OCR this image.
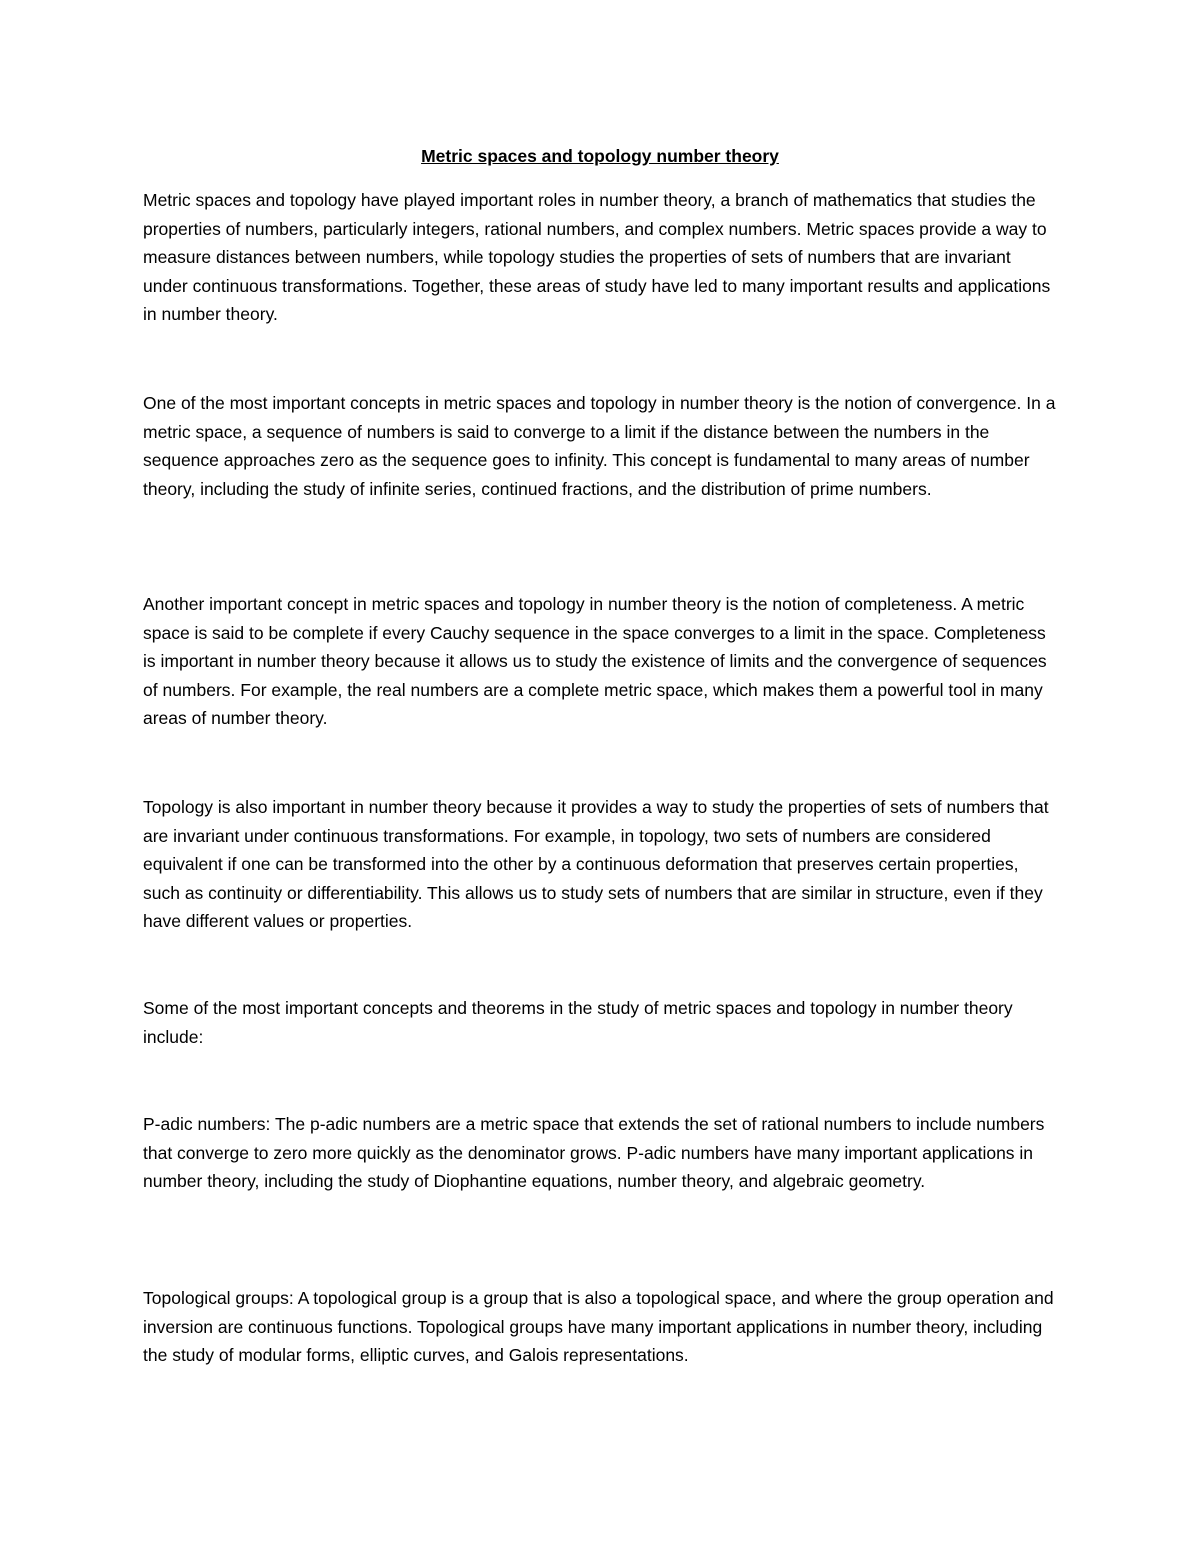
Metric spaces and topology number theory

Metric spaces and topology have played important roles in number theory, a branch of mathematics that studies the properties of numbers, particularly integers, rational numbers, and complex numbers. Metric spaces provide a way to measure distances between numbers, while topology studies the properties of sets of numbers that are invariant under continuous transformations. Together, these areas of study have led to many important results and applications in number theory.

One of the most important concepts in metric spaces and topology in number theory is the notion of convergence. In a metric space, a sequence of numbers is said to converge to a limit if the distance between the numbers in the sequence approaches zero as the sequence goes to infinity. This concept is fundamental to many areas of number theory, including the study of infinite series, continued fractions, and the distribution of prime numbers.

Another important concept in metric spaces and topology in number theory is the notion of completeness. A metric space is said to be complete if every Cauchy sequence in the space converges to a limit in the space. Completeness is important in number theory because it allows us to study the existence of limits and the convergence of sequences of numbers. For example, the real numbers are a complete metric space, which makes them a powerful tool in many areas of number theory.

Topology is also important in number theory because it provides a way to study the properties of sets of numbers that are invariant under continuous transformations. For example, in topology, two sets of numbers are considered equivalent if one can be transformed into the other by a continuous deformation that preserves certain properties, such as continuity or differentiability. This allows us to study sets of numbers that are similar in structure, even if they have different values or properties.

Some of the most important concepts and theorems in the study of metric spaces and topology in number theory include:

P-adic numbers: The p-adic numbers are a metric space that extends the set of rational numbers to include numbers that converge to zero more quickly as the denominator grows. P-adic numbers have many important applications in number theory, including the study of Diophantine equations, number theory, and algebraic geometry.

Topological groups: A topological group is a group that is also a topological space, and where the group operation and inversion are continuous functions. Topological groups have many important applications in number theory, including the study of modular forms, elliptic curves, and Galois representations.
